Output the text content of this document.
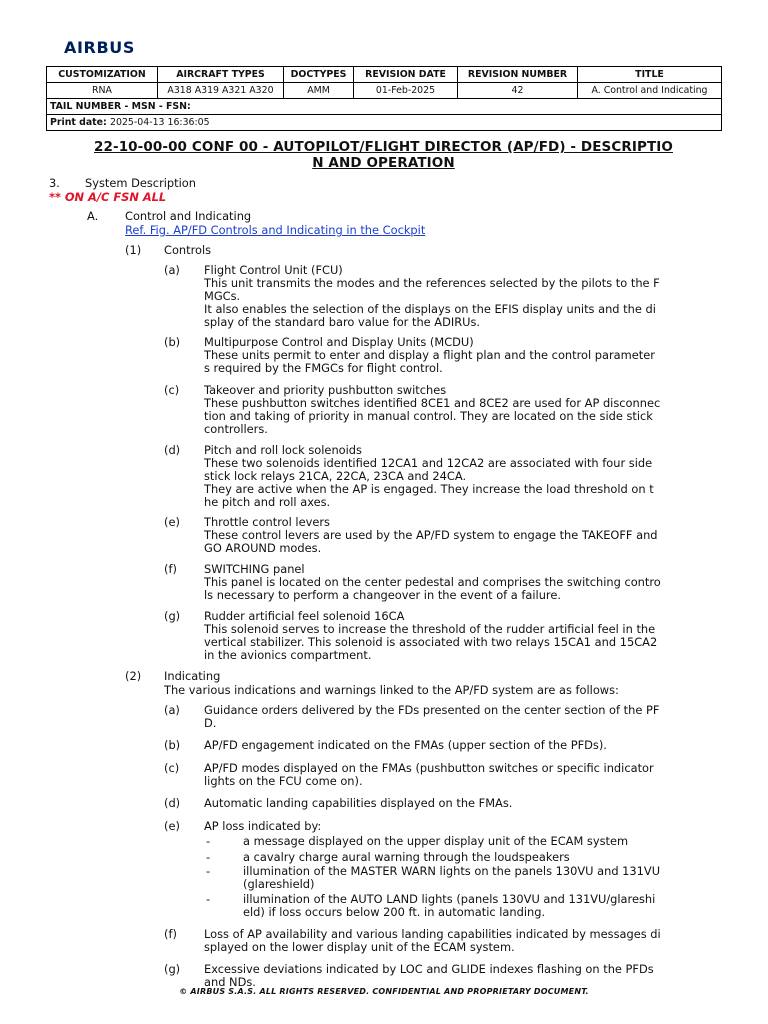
AIRBUS
CUSTOMIZATION	AIRCRAFT TYPES	DOCTYPES	REVISION DATE	REVISION NUMBER	TITLE
RNA	A318 A319 A321 A320	AMM	01-Feb-2025	42	A. Control and Indicating
TAIL NUMBER - MSN - FSN:					
Print date: 2025-04-13 16:36:05					
22-10-00-00 CONF 00 - AUTOPILOT/FLIGHT DIRECTOR (AP/FD) - DESCRIPTIO
N AND OPERATION
3. System Description
** ON A/C FSN ALL
A. Control and Indicating
Ref. Fig. AP/FD Controls and Indicating in the Cockpit
(1) Controls
(2) Indicating
The various indications and warnings linked to the AP/FD system are as follows:
(a) Flight Control Unit (FCU)
This unit transmits the modes and the references selected by the pilots to the F
MGCs.
It also enables the selection of the displays on the EFIS display units and the di
splay of the standard baro value for the ADIRUs.
(b) Multipurpose Control and Display Units (MCDU)
These units permit to enter and display a flight plan and the control parameter
s required by the FMGCs for flight control.
(c) Takeover and priority pushbutton switches
These pushbutton switches identified 8CE1 and 8CE2 are used for AP disconnec
tion and taking of priority in manual control. They are located on the side stick
controllers.
(d) Pitch and roll lock solenoids
These two solenoids identified 12CA1 and 12CA2 are associated with four side
stick lock relays 21CA, 22CA, 23CA and 24CA.
They are active when the AP is engaged. They increase the load threshold on t
he pitch and roll axes.
(e) Throttle control levers
These control levers are used by the AP/FD system to engage the TAKEOFF and
GO AROUND modes.
(f) SWITCHING panel
This panel is located on the center pedestal and comprises the switching contro
ls necessary to perform a changeover in the event of a failure.
(g) Rudder artificial feel solenoid 16CA
This solenoid serves to increase the threshold of the rudder artificial feel in the
vertical stabilizer. This solenoid is associated with two relays 15CA1 and 15CA2
in the avionics compartment.
(a) Guidance orders delivered by the FDs presented on the center section of the PF
D.
(b) AP/FD engagement indicated on the FMAs (upper section of the PFDs).
(c) AP/FD modes displayed on the FMAs (pushbutton switches or specific indicator
lights on the FCU come on).
(d) Automatic landing capabilities displayed on the FMAs.
(e) AP loss indicated by:
(f) Loss of AP availability and various landing capabilities indicated by messages di
splayed on the lower display unit of the ECAM system.
(g) Excessive deviations indicated by LOC and GLIDE indexes flashing on the PFDs
and NDs.
-	a message displayed on the upper display unit of the ECAM system
-	a cavalry charge aural warning through the loudspeakers
-	illumination of the MASTER WARN lights on the panels 130VU and 131VU
(glareshield)
-	illumination of the AUTO LAND lights (panels 130VU and 131VU/glareshi
eld) if loss occurs below 200 ft. in automatic landing.
© AIRBUS S.A.S. ALL RIGHTS RESERVED. CONFIDENTIAL AND PROPRIETARY DOCUMENT.
